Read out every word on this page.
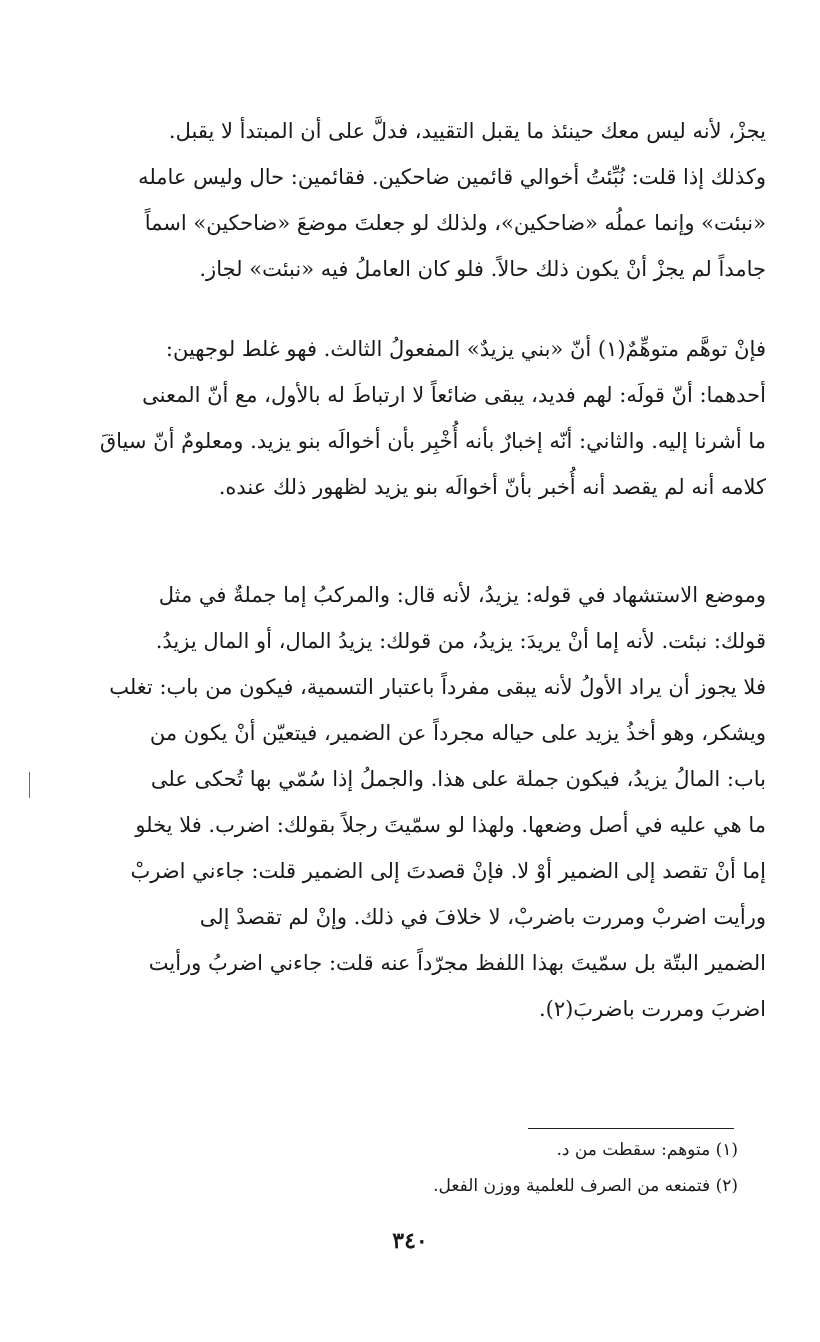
يجزْ، لأنه ليس معك حينئذ ما يقبل التقييد، فدلَّ على أن المبتدأ لا يقبل.
وكذلك إذا قلت: نُبِّئتُ أخوالي قائمين ضاحكين. فقائمين: حال وليس عامله
«نبئت» وإنما عملُه «ضاحكين»، ولذلك لو جعلتَ موضعَ «ضاحكين» اسماً
جامداً لم يجزْ أنْ يكون ذلك حالاً. فلو كان العاملُ فيه «نبئت» لجاز.
فإنْ توهَّم متوهِّمٌ(١) أنّ «بني يزيدٌ» المفعولُ الثالث. فهو غلط لوجهين:
أحدهما: أنّ قولَه: لهم فديد، يبقى ضائعاً لا ارتباطَ له بالأول، مع أنّ المعنى
ما أشرنا إليه. والثاني: أنّه إخبارٌ بأنه أُخْبِر بأن أخوالَه بنو يزيد. ومعلومٌ أنّ سياقَ
كلامه أنه لم يقصد أنه أُخبر بأنّ أخوالَه بنو يزيد لظهور ذلك عنده.
وموضع الاستشهاد في قوله: يزيدُ، لأنه قال: والمركبُ إما جملةٌ في مثل
قولك: نبئت. لأنه إما أنْ يريدَ: يزيدُ، من قولك: يزيدُ المال، أو المال يزيدُ.
فلا يجوز أن يراد الأولُ لأنه يبقى مفرداً باعتبار التسمية، فيكون من باب: تغلب
ويشكر، وهو أخذُ يزيد على حياله مجرداً عن الضمير، فيتعيّن أنْ يكون من
باب: المالُ يزيدُ، فيكون جملة على هذا. والجملُ إذا سُمّي بها تُحكى على
ما هي عليه في أصل وضعها. ولهذا لو سمّيتَ رجلاً بقولك: اضرب. فلا يخلو
إما أنْ تقصد إلى الضمير أوْ لا. فإنْ قصدتَ إلى الضمير قلت: جاءني اضربْ
ورأيت اضربْ ومررت باضربْ، لا خلافَ في ذلك. وإنْ لم تقصدْ إلى
الضمير البتّة بل سمّيتَ بهذا اللفظ مجرّداً عنه قلت: جاءني اضربُ ورأيت
اضربَ ومررت باضربَ(٢).
(١) متوهم: سقطت من د.
(٢) فتمنعه من الصرف للعلمية ووزن الفعل.
٣٤٠
